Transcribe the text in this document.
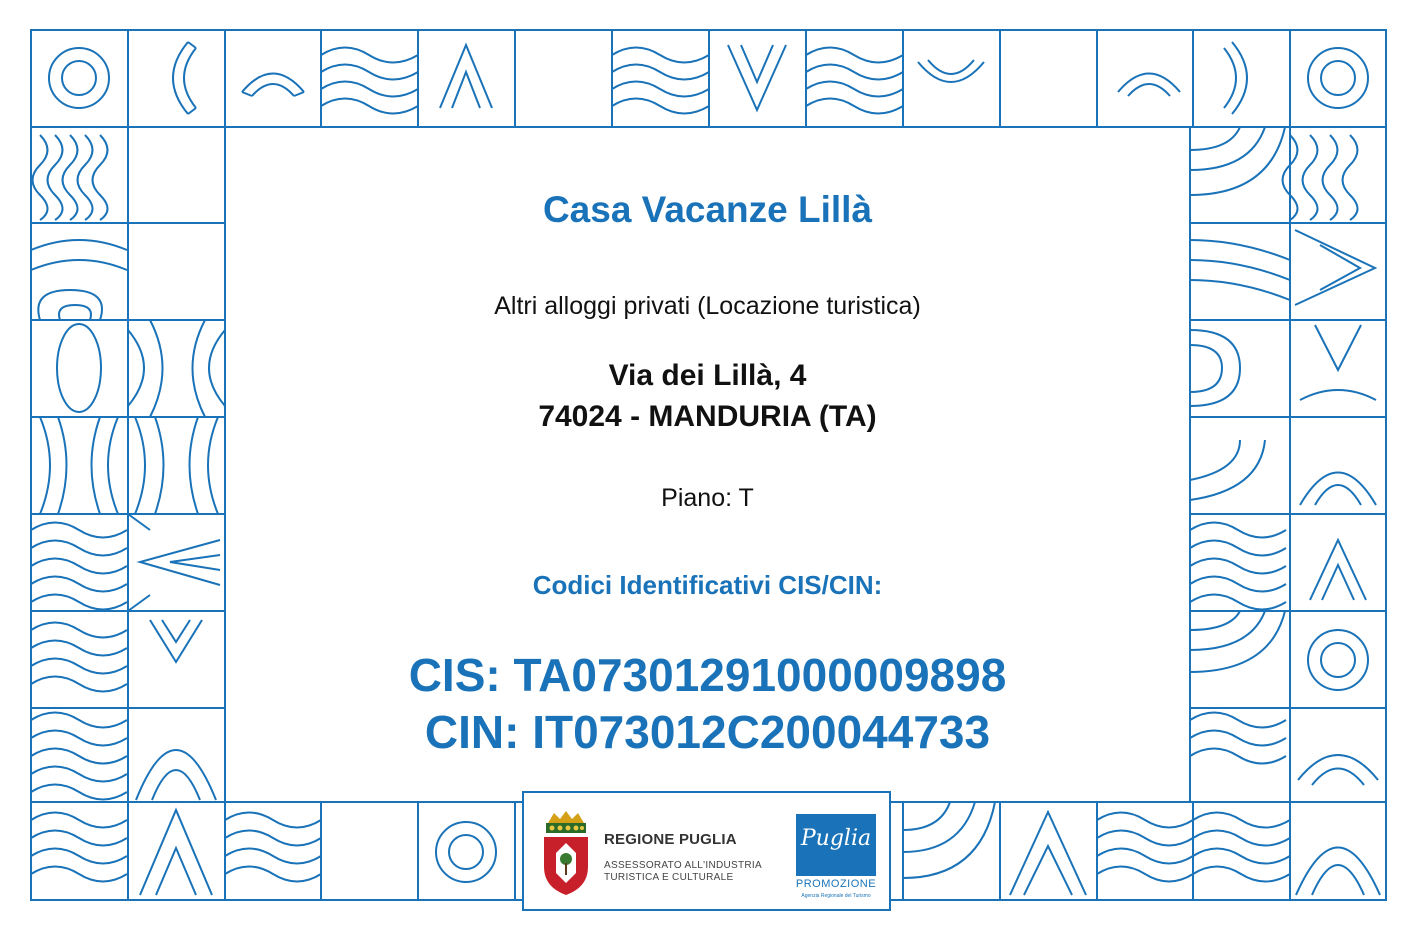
Casa Vacanze Lillà

Altri alloggi privati (Locazione turistica)

Via dei Lillà, 4

74024 - MANDURIA (TA)

Piano: T

Codici Identificativi CIS/CIN:

CIS: TA07301291000009898

CIN: IT073012C200044733

REGIONE PUGLIA
ASSESSORATO ALL'INDUSTRIA
TURISTICA E CULTURALE
Puglia
PROMOZIONE
Agenzia Regionale del Turismo
